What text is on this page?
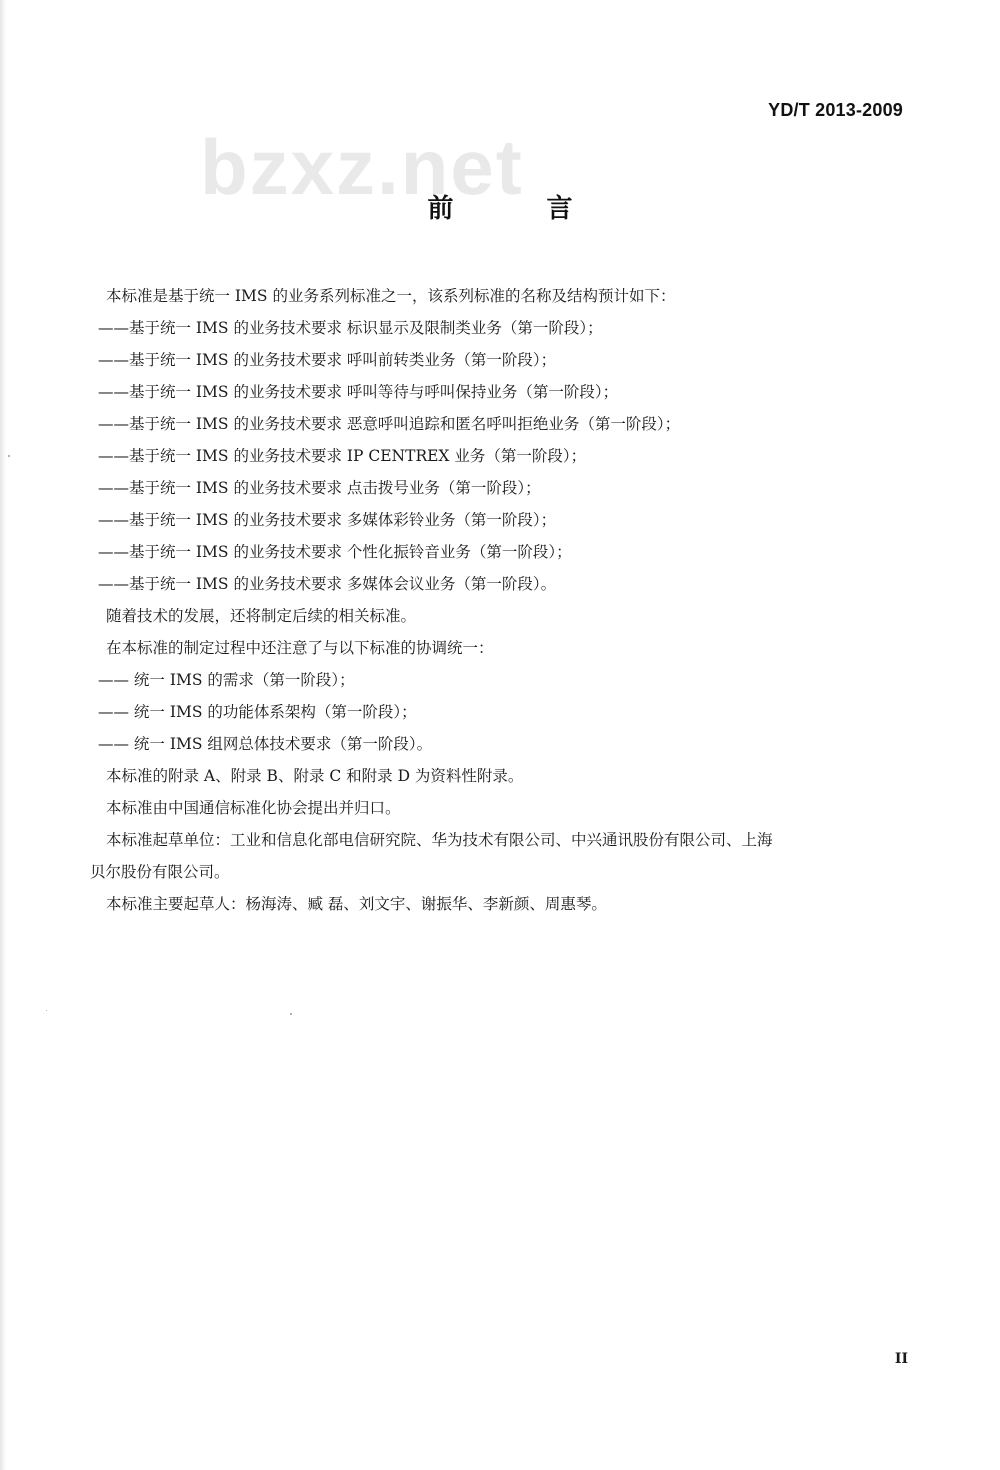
YD/T 2013-2009
bzxz.net
前 言

本标准是基于统一 IMS 的业务系列标准之一，该系列标准的名称及结构预计如下：

——基于统一 IMS 的业务技术要求 标识显示及限制类业务（第一阶段）；

——基于统一 IMS 的业务技术要求 呼叫前转类业务（第一阶段）；

——基于统一 IMS 的业务技术要求 呼叫等待与呼叫保持业务（第一阶段）；

——基于统一 IMS 的业务技术要求 恶意呼叫追踪和匿名呼叫拒绝业务（第一阶段）；

——基于统一 IMS 的业务技术要求 IP CENTREX 业务（第一阶段）；

——基于统一 IMS 的业务技术要求 点击拨号业务（第一阶段）；

——基于统一 IMS 的业务技术要求 多媒体彩铃业务（第一阶段）；

——基于统一 IMS 的业务技术要求 个性化振铃音业务（第一阶段）；

——基于统一 IMS 的业务技术要求 多媒体会议业务（第一阶段）。

随着技术的发展，还将制定后续的相关标准。

在本标准的制定过程中还注意了与以下标准的协调统一：

—— 统一 IMS 的需求（第一阶段）；

—— 统一 IMS 的功能体系架构（第一阶段）；

—— 统一 IMS 组网总体技术要求（第一阶段）。

本标准的附录 A、附录 B、附录 C 和附录 D 为资料性附录。

本标准由中国通信标准化协会提出并归口。

本标准起草单位：工业和信息化部电信研究院、华为技术有限公司、中兴通讯股份有限公司、上海

贝尔股份有限公司。

本标准主要起草人：杨海涛、臧 磊、刘文宇、谢振华、李新颜、周惠琴。

II
